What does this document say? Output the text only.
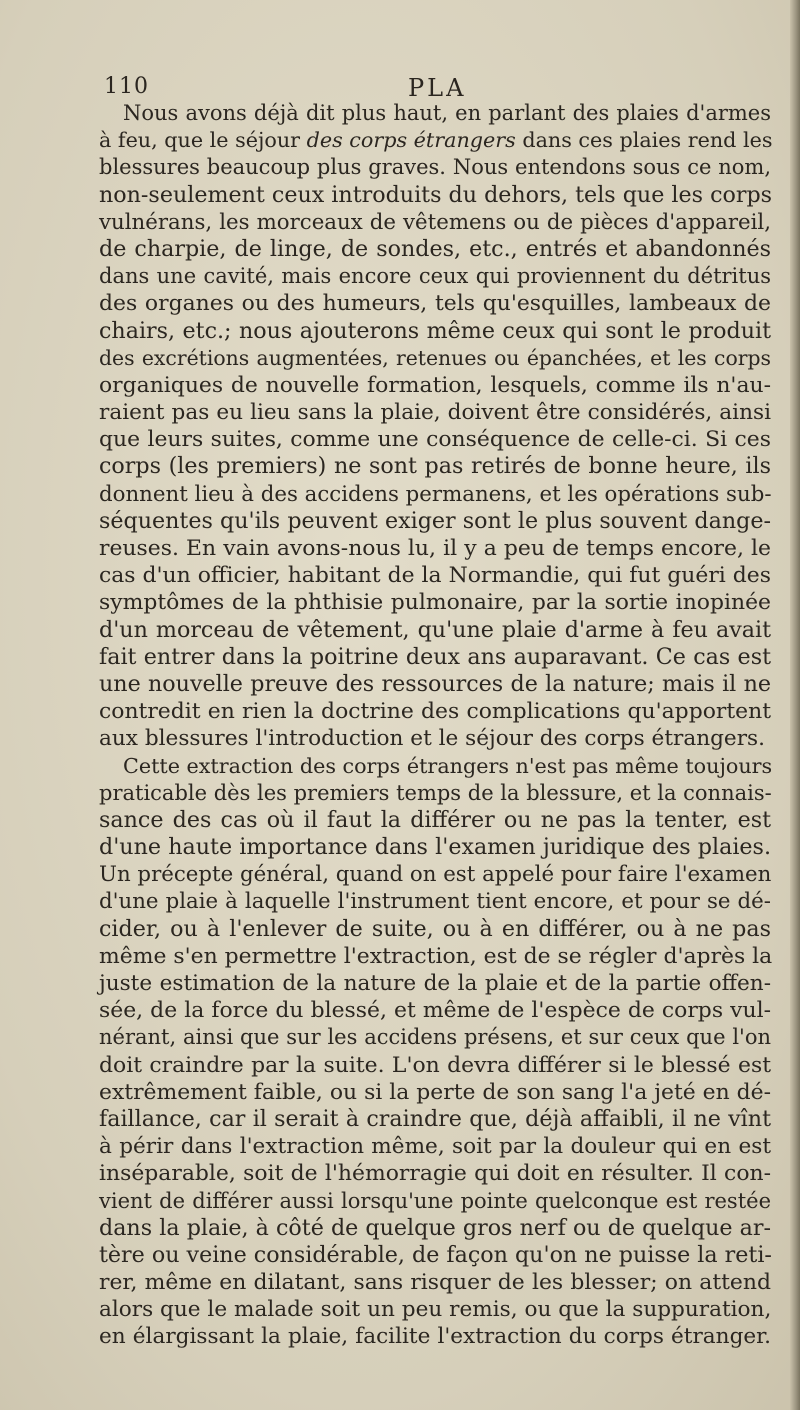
110	PLA
Nous avons déjà dit plus haut, en parlant des plaies d'armes
à feu, que le séjour des corps étrangers dans ces plaies rend les
blessures beaucoup plus graves. Nous entendons sous ce nom,
non-seulement ceux introduits du dehors, tels que les corps
vulnérans, les morceaux de vêtemens ou de pièces d'appareil,
de charpie, de linge, de sondes, etc., entrés et abandonnés
dans une cavité, mais encore ceux qui proviennent du détritus
des organes ou des humeurs, tels qu'esquilles, lambeaux de
chairs, etc.; nous ajouterons même ceux qui sont le produit
des excrétions augmentées, retenues ou épanchées, et les corps
organiques de nouvelle formation, lesquels, comme ils n'au-
raient pas eu lieu sans la plaie, doivent être considérés, ainsi
que leurs suites, comme une conséquence de celle-ci. Si ces
corps (les premiers) ne sont pas retirés de bonne heure, ils
donnent lieu à des accidens permanens, et les opérations sub-
séquentes qu'ils peuvent exiger sont le plus souvent dange-
reuses. En vain avons-nous lu, il y a peu de temps encore, le
cas d'un officier, habitant de la Normandie, qui fut guéri des
symptômes de la phthisie pulmonaire, par la sortie inopinée
d'un morceau de vêtement, qu'une plaie d'arme à feu avait
fait entrer dans la poitrine deux ans auparavant. Ce cas est
une nouvelle preuve des ressources de la nature; mais il ne
contredit en rien la doctrine des complications qu'apportent
aux blessures l'introduction et le séjour des corps étrangers.
Cette extraction des corps étrangers n'est pas même toujours
praticable dès les premiers temps de la blessure, et la connais-
sance des cas où il faut la différer ou ne pas la tenter, est
d'une haute importance dans l'examen juridique des plaies.
Un précepte général, quand on est appelé pour faire l'examen
d'une plaie à laquelle l'instrument tient encore, et pour se dé-
cider, ou à l'enlever de suite, ou à en différer, ou à ne pas
même s'en permettre l'extraction, est de se régler d'après la
juste estimation de la nature de la plaie et de la partie offen-
sée, de la force du blessé, et même de l'espèce de corps vul-
nérant, ainsi que sur les accidens présens, et sur ceux que l'on
doit craindre par la suite. L'on devra différer si le blessé est
extrêmement faible, ou si la perte de son sang l'a jeté en dé-
faillance, car il serait à craindre que, déjà affaibli, il ne vînt
à périr dans l'extraction même, soit par la douleur qui en est
inséparable, soit de l'hémorragie qui doit en résulter. Il con-
vient de différer aussi lorsqu'une pointe quelconque est restée
dans la plaie, à côté de quelque gros nerf ou de quelque ar-
tère ou veine considérable, de façon qu'on ne puisse la reti-
rer, même en dilatant, sans risquer de les blesser; on attend
alors que le malade soit un peu remis, ou que la suppuration,
en élargissant la plaie, facilite l'extraction du corps étranger.
